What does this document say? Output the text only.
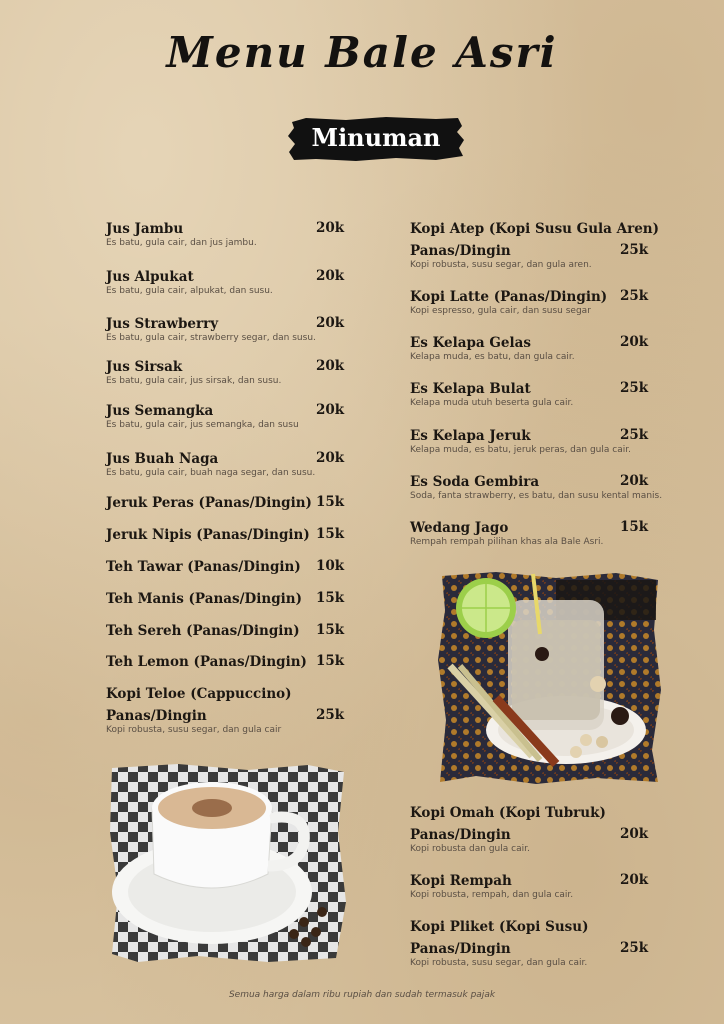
Menu Bale Asri
Minuman
Jus Jambu
Es batu, gula cair, dan jus jambu.
20k
Jus Alpukat
Es batu, gula cair, alpukat, dan susu.
20k
Jus Strawberry
Es batu, gula cair, strawberry segar, dan susu.
20k
Jus Sirsak
Es batu, gula cair, jus sirsak, dan susu.
20k
Jus Semangka
Es batu, gula cair, jus semangka, dan susu
20k
Jus Buah Naga
Es batu, gula cair, buah naga segar, dan susu.
20k
Jeruk Peras (Panas/Dingin) 15k
Jeruk Nipis (Panas/Dingin) 15k
Teh Tawar (Panas/Dingin)	10k
Teh Manis (Panas/Dingin)	15k
Teh Sereh (Panas/Dingin)	15k
Teh Lemon (Panas/Dingin) 15k
Kopi Teloe (Cappuccino)
Panas/Dingin
Kopi robusta, susu segar, dan gula cair
25k
Kopi Atep (Kopi Susu Gula Aren)
Panas/Dingin
Kopi robusta, susu segar, dan gula aren.
25k
Kopi Latte (Panas/Dingin)
Kopi espresso, gula cair, dan susu segar
25k
Es Kelapa Gelas
Kelapa muda, es batu, dan gula cair.
20k
Es Kelapa Bulat
Kelapa muda utuh beserta gula cair.
25k
Es Kelapa Jeruk
Kelapa muda, es batu, jeruk peras, dan gula cair.
25k
Es Soda Gembira
Soda, fanta strawberry, es batu, dan susu kental manis.
20k
Wedang Jago
Rempah rempah pilihan khas ala Bale Asri.
15k
Kopi Omah (Kopi Tubruk)
Panas/Dingin
Kopi robusta dan gula cair.
20k
Kopi Rempah
Kopi robusta, rempah, dan gula cair.
20k
Kopi Pliket (Kopi Susu)
Panas/Dingin
Kopi robusta, susu segar, dan gula cair.
25k
Semua harga dalam ribu rupiah dan sudah termasuk pajak
